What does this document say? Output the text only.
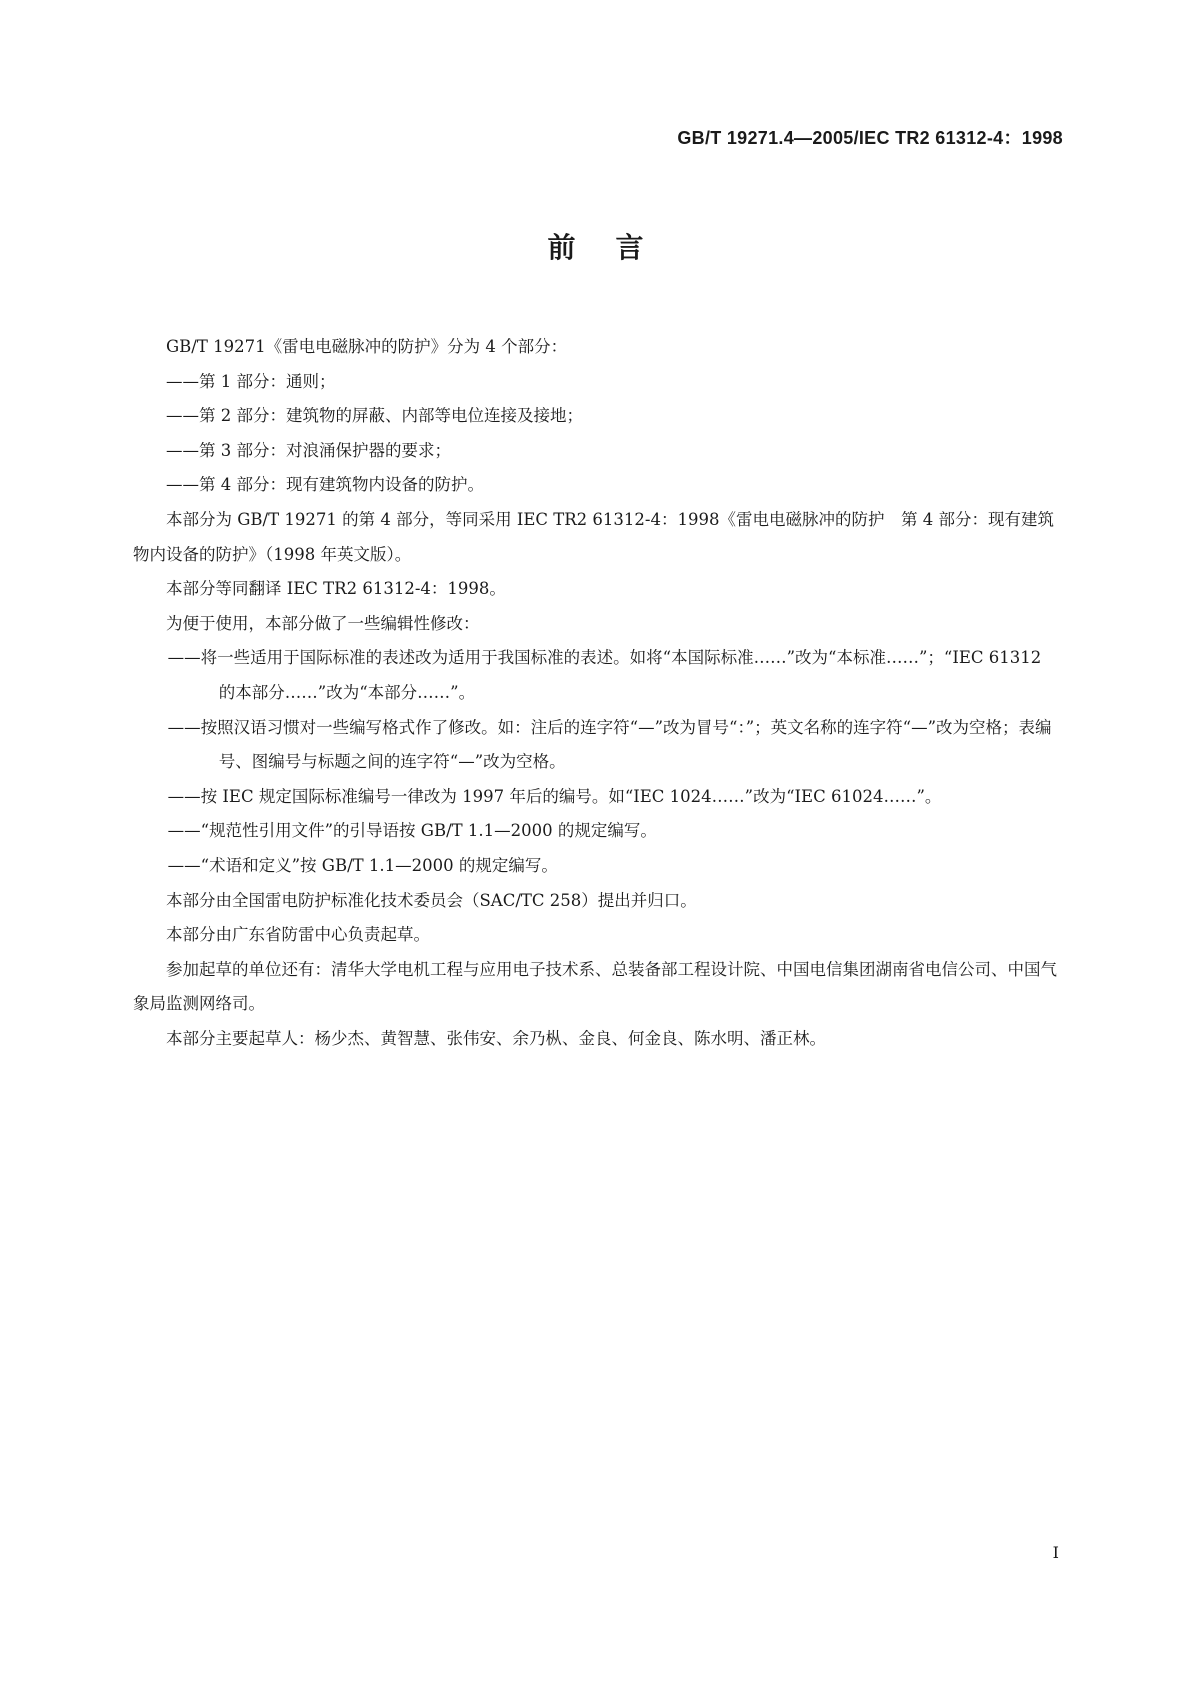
GB/T 19271.4—2005/IEC TR2 61312-4：1998
前言

GB/T 19271《雷电电磁脉冲的防护》分为 4 个部分：

——第 1 部分：通则；

——第 2 部分：建筑物的屏蔽、内部等电位连接及接地；

——第 3 部分：对浪涌保护器的要求；

——第 4 部分：现有建筑物内设备的防护。

本部分为 GB/T 19271 的第 4 部分，等同采用 IEC TR2 61312-4：1998《雷电电磁脉冲的防护　第 4 部分：现有建筑物内设备的防护》（1998 年英文版）。

本部分等同翻译 IEC TR2 61312-4：1998。

为便于使用，本部分做了一些编辑性修改：

——将一些适用于国际标准的表述改为适用于我国标准的表述。如将“本国际标准……”改为“本标准……”；“IEC 61312 的本部分……”改为“本部分……”。

——按照汉语习惯对一些编写格式作了修改。如：注后的连字符“—”改为冒号“：”；英文名称的连字符“—”改为空格；表编号、图编号与标题之间的连字符“—”改为空格。

——按 IEC 规定国际标准编号一律改为 1997 年后的编号。如“IEC 1024……”改为“IEC 61024……”。

——“规范性引用文件”的引导语按 GB/T 1.1—2000 的规定编写。

——“术语和定义”按 GB/T 1.1—2000 的规定编写。

本部分由全国雷电防护标准化技术委员会（SAC/TC 258）提出并归口。

本部分由广东省防雷中心负责起草。

参加起草的单位还有：清华大学电机工程与应用电子技术系、总装备部工程设计院、中国电信集团湖南省电信公司、中国气象局监测网络司。

本部分主要起草人：杨少杰、黄智慧、张伟安、余乃枞、金良、何金良、陈水明、潘正林。

I
